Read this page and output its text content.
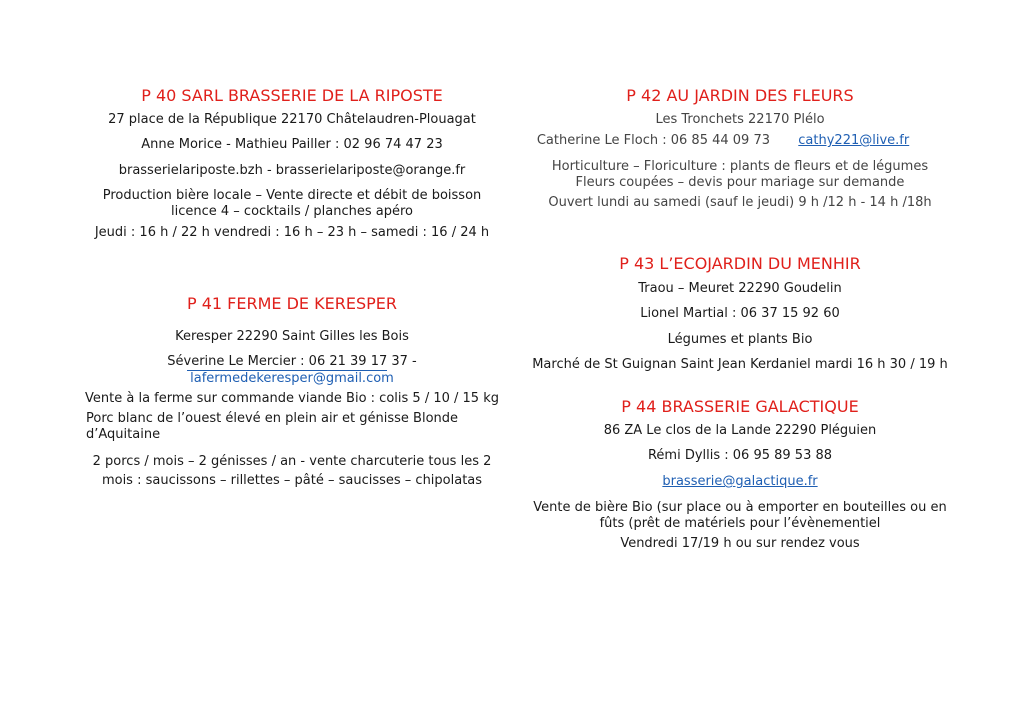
P 40 SARL BRASSERIE DE LA RIPOSTE
27 place de la République 22170 Châtelaudren-Plouagat
Anne Morice - Mathieu Pailler : 02 96 74 47 23
brasserielariposte.bzh - brasserielariposte@orange.fr
Production bière locale – Vente directe et débit de boisson
licence 4 – cocktails / planches apéro
Jeudi : 16 h / 22 h vendredi : 16 h – 23 h – samedi : 16 / 24 h
P 41 FERME DE KERESPER
Keresper 22290 Saint Gilles les Bois
Séverine Le Mercier : 06 21 39 17 37 -
lafermedekeresper@gmail.com
Vente à la ferme sur commande viande Bio : colis 5 / 10 / 15 kg
Porc blanc de l’ouest élevé en plein air et génisse Blonde
d’Aquitaine
2 porcs / mois – 2 génisses / an - vente charcuterie tous les 2
mois : saucissons – rillettes – pâté – saucisses – chipolatas
P 42 AU JARDIN DES FLEURS
Les Tronchets 22170 Plélo
Catherine Le Floch : 06 85 44 09 73 cathy221@live.fr
Horticulture – Floriculture : plants de fleurs et de légumes
Fleurs coupées – devis pour mariage sur demande
Ouvert lundi au samedi (sauf le jeudi) 9 h /12 h - 14 h /18h
P 43 L’ECOJARDIN DU MENHIR
Traou – Meuret 22290 Goudelin
Lionel Martial : 06 37 15 92 60
Légumes et plants Bio
Marché de St Guignan Saint Jean Kerdaniel mardi 16 h 30 / 19 h
P 44 BRASSERIE GALACTIQUE
86 ZA Le clos de la Lande 22290 Pléguien
Rémi Dyllis : 06 95 89 53 88
brasserie@galactique.fr
Vente de bière Bio (sur place ou à emporter en bouteilles ou en
fûts (prêt de matériels pour l’évènementiel
Vendredi 17/19 h ou sur rendez vous
